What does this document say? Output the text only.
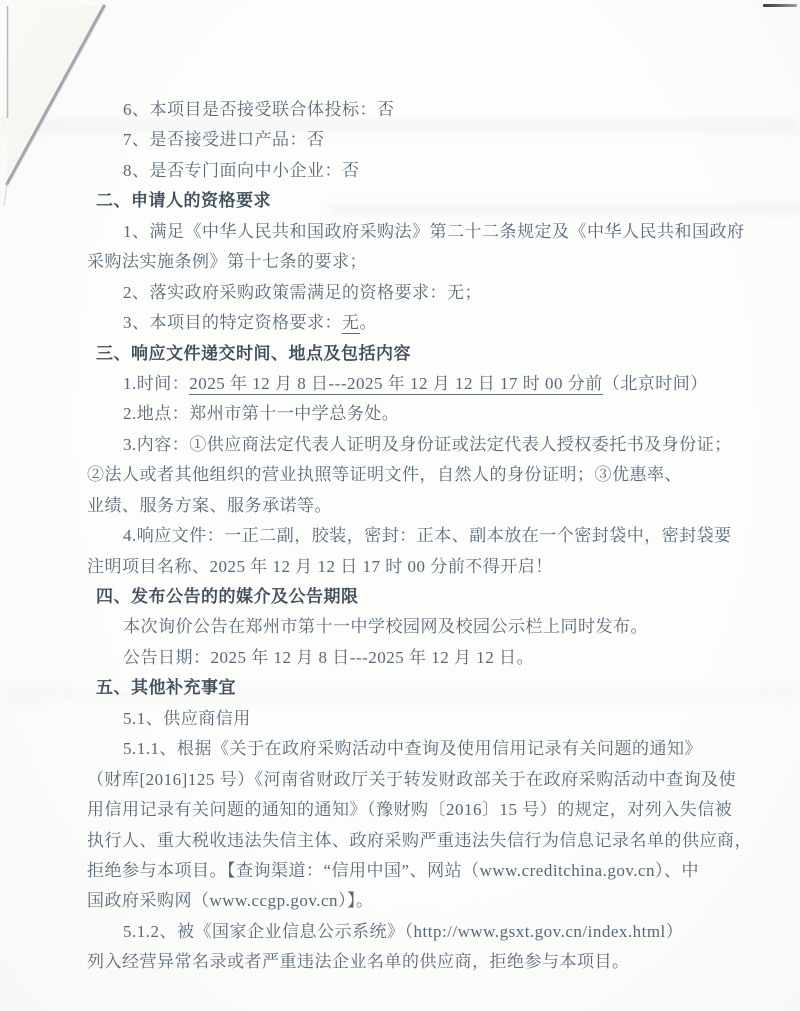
6、本项目是否接受联合体投标：否
7、是否接受进口产品：否
8、是否专门面向中小企业：否
二、申请人的资格要求
1、满足《中华人民共和国政府采购法》第二十二条规定及《中华人民共和国政府
采购法实施条例》第十七条的要求；
2、落实政府采购政策需满足的资格要求：无；
3、本项目的特定资格要求：无。
三、响应文件递交时间、地点及包括内容
1.时间：2025 年 12 月 8 日---2025 年 12 月 12 日 17 时 00 分前（北京时间）
2.地点：郑州市第十一中学总务处。
3.内容：①供应商法定代表人证明及身份证或法定代表人授权委托书及身份证；
②法人或者其他组织的营业执照等证明文件，自然人的身份证明；③优惠率、
业绩、服务方案、服务承诺等。
4.响应文件：一正二副，胶装，密封：正本、副本放在一个密封袋中，密封袋要
注明项目名称、2025 年 12 月 12 日 17 时 00 分前不得开启！
四、发布公告的的媒介及公告期限
本次询价公告在郑州市第十一中学校园网及校园公示栏上同时发布。
公告日期：2025 年 12 月 8 日---2025 年 12 月 12 日。
五、其他补充事宜
5.1、供应商信用
5.1.1、根据《关于在政府采购活动中查询及使用信用记录有关问题的通知》
（财库[2016]125 号）《河南省财政厅关于转发财政部关于在政府采购活动中查询及使
用信用记录有关问题的通知的通知》（豫财购〔2016〕15 号）的规定，对列入失信被
执行人、重大税收违法失信主体、政府采购严重违法失信行为信息记录名单的供应商，
拒绝参与本项目。【查询渠道：“信用中国”、网站（www.creditchina.gov.cn）、中
国政府采购网（www.ccgp.gov.cn）】。
5.1.2、被《国家企业信息公示系统》（http://www.gsxt.gov.cn/index.html）
列入经营异常名录或者严重违法企业名单的供应商，拒绝参与本项目。
